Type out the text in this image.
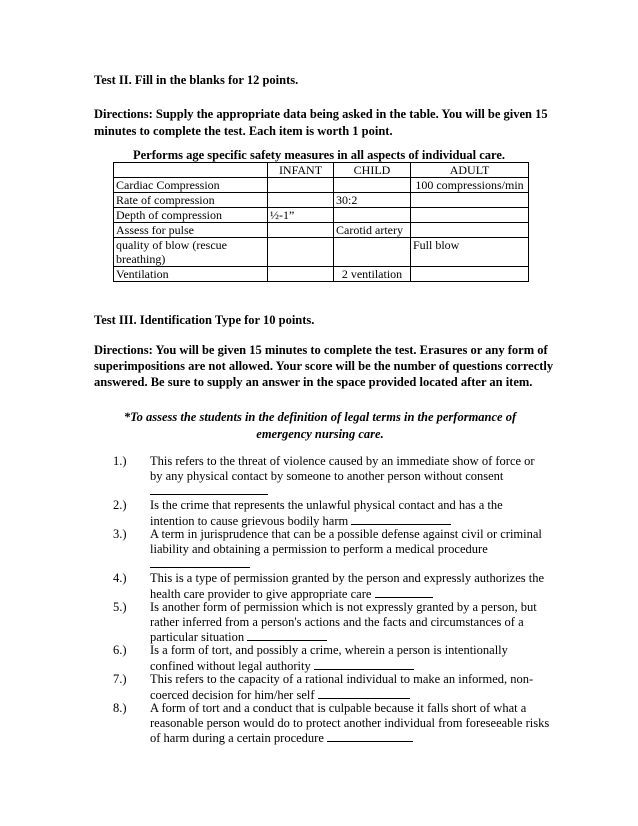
Test II. Fill in the blanks for 12 points.
Directions: Supply the appropriate data being asked in the table. You will be given 15 minutes to complete the test. Each item is worth 1 point.
Performs age specific safety measures in all aspects of individual care.
	INFANT	CHILD	ADULT
Cardiac Compression			100 compressions/min
Rate of compression		30:2	
Depth of compression	½-1”		
Assess for pulse		Carotid artery	
quality of blow (rescue breathing)			Full blow
Ventilation		2 ventilation	
Test III. Identification Type for 10 points.
Directions: You will be given 15 minutes to complete the test. Erasures or any form of superimpositions are not allowed. Your score will be the number of questions correctly answered. Be sure to supply an answer in the space provided located after an item.
*To assess the students in the definition of legal terms in the performance of emergency nursing care.
1.) This refers to the threat of violence caused by an immediate show of force or by any physical contact by someone to another person without consent

2.) Is the crime that represents the unlawful physical contact and has a the intention to cause grievous bodily harm
3.) A term in jurisprudence that can be a possible defense against civil or criminal liability and obtaining a permission to perform a medical procedure

4.) This is a type of permission granted by the person and expressly authorizes the health care provider to give appropriate care
5.) Is another form of permission which is not expressly granted by a person, but rather inferred from a person's actions and the facts and circumstances of a particular situation
6.) Is a form of tort, and possibly a crime, wherein a person is intentionally confined without legal authority
7.) This refers to the capacity of a rational individual to make an informed, non-coerced decision for him/her self
8.) A form of tort and a conduct that is culpable because it falls short of what a reasonable person would do to protect another individual from foreseeable risks of harm during a certain procedure
